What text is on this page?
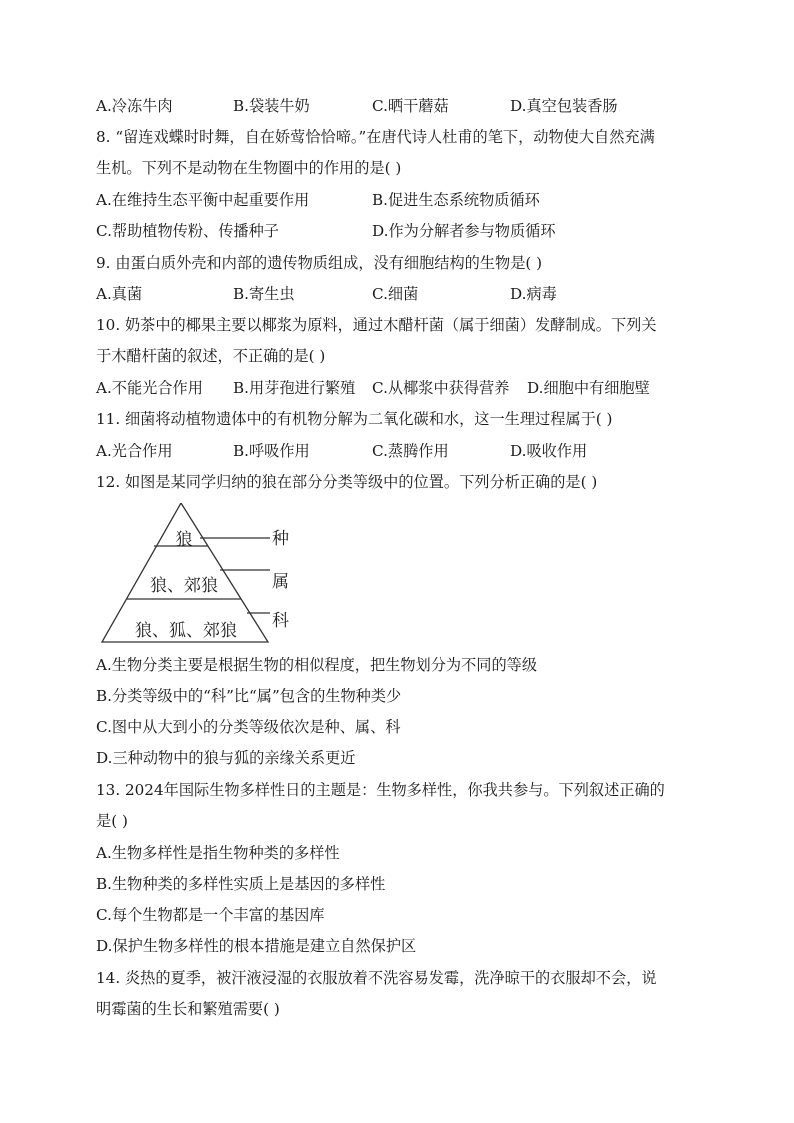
A.冷冻牛肉	B.袋装牛奶	C.晒干蘑菇	D.真空包装香肠
8. “留连戏蝶时时舞，自在娇莺恰恰啼。”在唐代诗人杜甫的笔下，动物使大自然充满
生机。下列不是动物在生物圈中的作用的是( )
A.在维持生态平衡中起重要作用	B.促进生态系统物质循环
C.帮助植物传粉、传播种子	D.作为分解者参与物质循环
9. 由蛋白质外壳和内部的遗传物质组成，没有细胞结构的生物是( )
A.真菌	B.寄生虫	C.细菌	D.病毒
10. 奶茶中的椰果主要以椰浆为原料，通过木醋杆菌（属于细菌）发酵制成。下列关
于木醋杆菌的叙述，不正确的是( )
A.不能光合作用 B.用芽孢进行繁殖 C.从椰浆中获得营养 D.细胞中有细胞壁
11. 细菌将动植物遗体中的有机物分解为二氧化碳和水，这一生理过程属于( )
A.光合作用	B.呼吸作用	C.蒸腾作用	D.吸收作用
12. 如图是某同学归纳的狼在部分分类等级中的位置。下列分析正确的是( )
狼
狼、郊狼
狼、狐、郊狼
种
属
科
A.生物分类主要是根据生物的相似程度，把生物划分为不同的等级
B.分类等级中的“科”比“属”包含的生物种类少
C.图中从大到小的分类等级依次是种、属、科
D.三种动物中的狼与狐的亲缘关系更近
13. 2024年国际生物多样性日的主题是：生物多样性，你我共参与。下列叙述正确的
是( )
A.生物多样性是指生物种类的多样性
B.生物种类的多样性实质上是基因的多样性
C.每个生物都是一个丰富的基因库
D.保护生物多样性的根本措施是建立自然保护区
14. 炎热的夏季，被汗液浸湿的衣服放着不洗容易发霉，洗净晾干的衣服却不会，说
明霉菌的生长和繁殖需要( )
